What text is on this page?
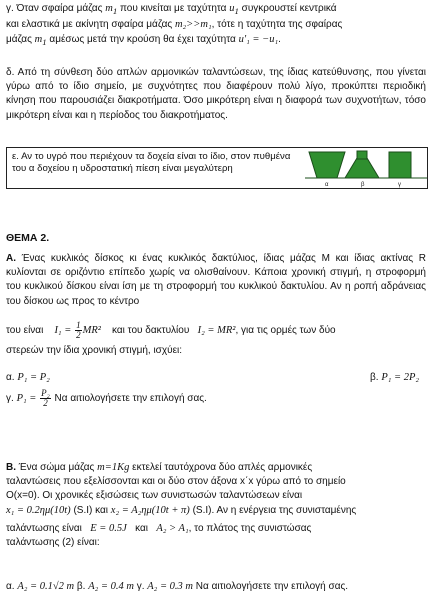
γ. Όταν σφαίρα μάζας $m_1$ που κινείται με ταχύτητα $u_1$ συγκρουστεί κεντρικά
και ελαστικά με ακίνητη σφαίρα μάζας m₂>>m₁, τότε η ταχύτητα της σφαίρας
μάζας $m_1$ αμέσως μετά την κρούση θα έχει ταχύτητα u′₁ = −u₁.

δ. Από τη σύνθεση δύο απλών αρμονικών ταλαντώσεων, της ίδιας κατεύθυνσης, που γίνεται γύρω από το ίδιο σημείο, με συχνότητες που διαφέρουν πολύ λίγο, προκύπτει περιοδική κίνηση που παρουσιάζει διακροτήματα. Όσο μικρότερη είναι η διαφορά των συχνοτήτων, τόσο μικρότερη είναι και η περίοδος του διακροτήματος.

ε. Αν το υγρό που περιέχουν τα δοχεία είναι το ίδιο, στον πυθμένα του α δοχείου η υδροστατική πίεση είναι μεγαλύτερη
α	β	γ
ΘΕΜΑ 2.
A. Ένας κυκλικός δίσκος κι ένας κυκλικός δακτύλιος, ίδιας μάζας Μ και ίδιας ακτίνας R κυλίονται σε οριζόντιο επίπεδο χωρίς να ολισθαίνουν. Κάποια χρονική στιγμή, η στροφορμή του κυκλικού δίσκου είναι ίση με τη στροφορμή του κυκλικού δακτυλίου. Αν η ροπή αδράνειας του δίσκου ως προς το κέντρο
του είναι $I_1 = \frac{1}{2} MR^2$ και του δακτυλίου I₂ = MR², για τις ορμές των δύο
στερεών την ίδια χρονική στιγμή, ισχύει:
α. P₁ = P₂	β. P₁ = 2P₂
γ. $P_1 = \frac{\text{P₂}}{2}$ Να αιτιολογήσετε την επιλογή σας.
B. Ένα σώμα μάζας m=1Kg εκτελεί ταυτόχρονα δύο απλές αρμονικές
ταλαντώσεις που εξελίσσονται και οι δύο στον άξονα x΄x γύρω από το σημείο
Ο(x=0). Οι χρονικές εξισώσεις των συνιστωσών ταλαντώσεων είναι
x₁ = 0.2ημ(10t) (S.I) και x₂ = A₂ημ(10t + π) (S.I). Αν η ενέργεια της συνισταμένης
ταλάντωσης είναι E = 0.5J και A₂ > A₁, το πλάτος της συνιστώσας
ταλάντωσης (2) είναι:
α. A₂ = 0.1√2 m β. A₂ = 0.4 m γ. A₂ = 0.3 m Να αιτιολογήσετε την επιλογή σας.
